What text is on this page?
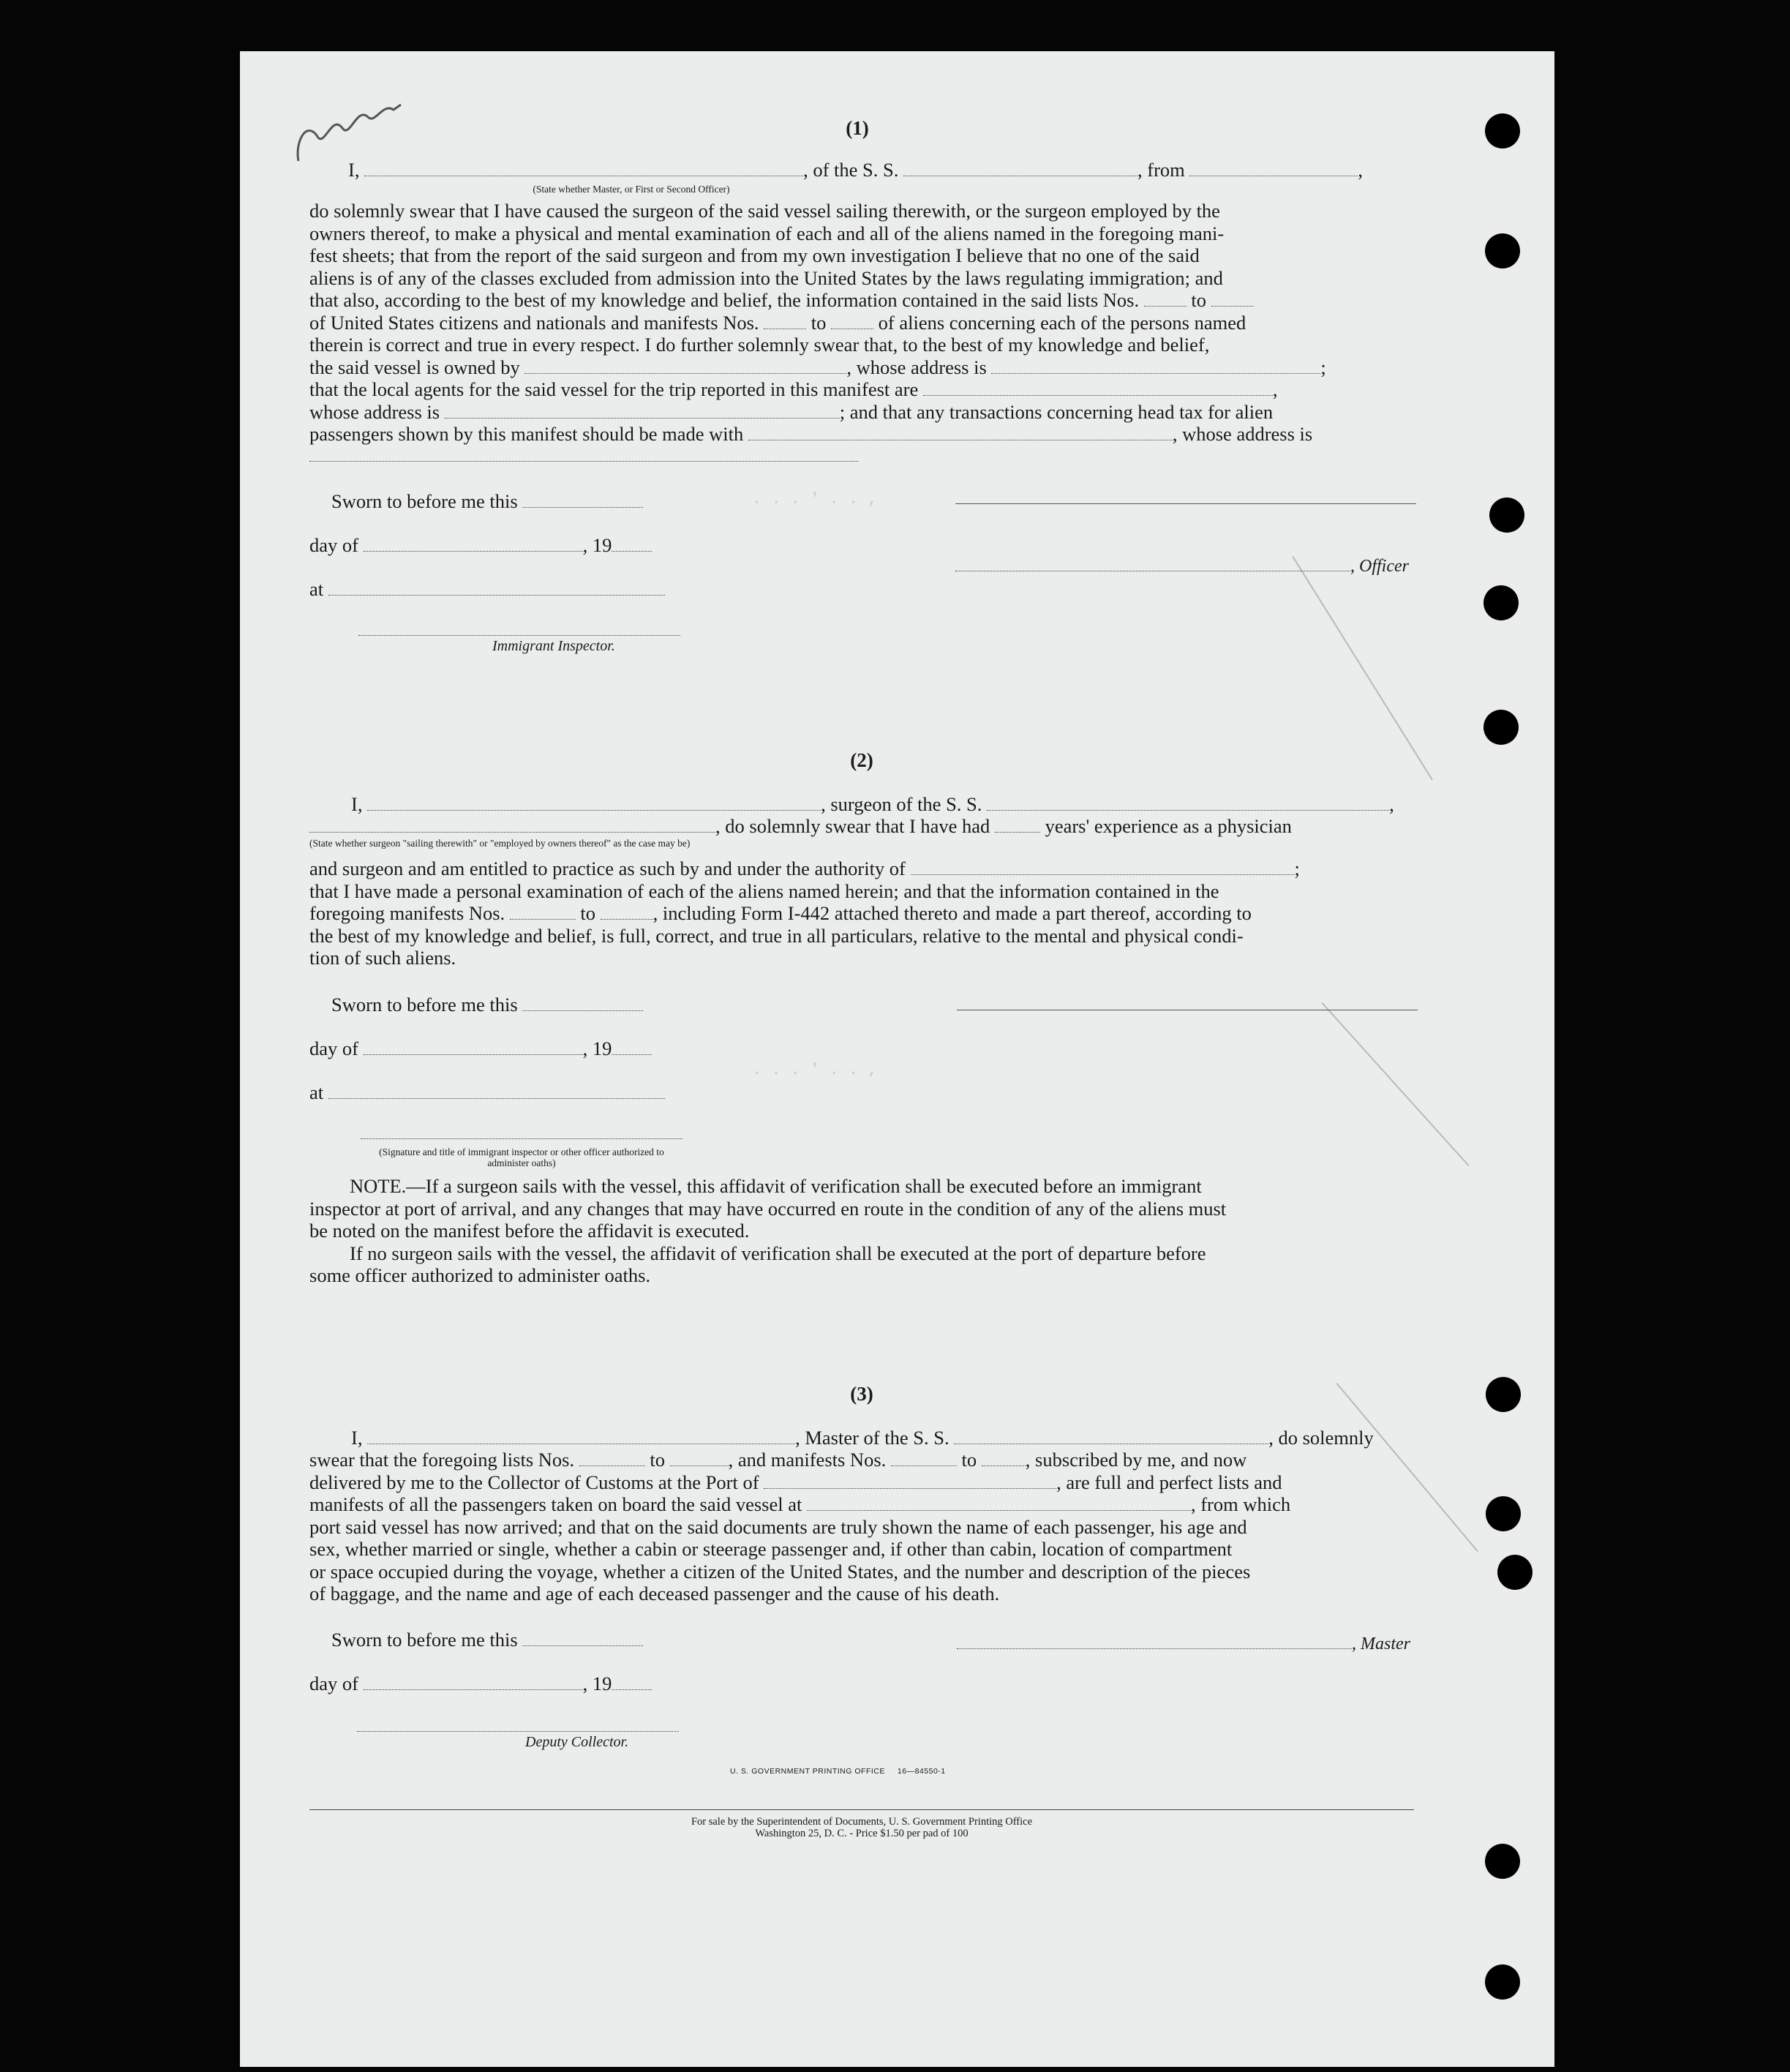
. . . ' . . ,
. . . ' . . ,
(1)
I,	, of the S. S.	, from	,
(State whether Master, or First or Second Officer)
do solemnly swear that I have caused the surgeon of the said vessel sailing therewith, or the surgeon employed by the
owners thereof, to make a physical and mental examination of each and all of the aliens named in the foregoing mani-
fest sheets; that from the report of the said surgeon and from my own investigation I believe that no one of the said
aliens is of any of the classes excluded from admission into the United States by the laws regulating immigration; and
that also, according to the best of my knowledge and belief, the information contained in the said lists Nos.	to
of United States citizens and nationals and manifests Nos.	to	of aliens concerning each of the persons named
therein is correct and true in every respect. I do further solemnly swear that, to the best of my knowledge and belief,
the said vessel is owned by	, whose address is	;
that the local agents for the said vessel for the trip reported in this manifest are	,
whose address is	; and that any transactions concerning head tax for alien
passengers shown by this manifest should be made with	, whose address is
Sworn to before me this
day of	, 19
at
Immigrant Inspector.
, Officer
(2)
I,	, surgeon of the S. S.	,
, do solemnly swear that I have had	years' experience as a physician
(State whether surgeon "sailing therewith" or "employed by owners thereof" as the case may be)
and surgeon and am entitled to practice as such by and under the authority of	;
that I have made a personal examination of each of the aliens named herein; and that the information contained in the
foregoing manifests Nos.	to	, including Form I-442 attached thereto and made a part thereof, according to
the best of my knowledge and belief, is full, correct, and true in all particulars, relative to the mental and physical condi-
tion of such aliens.
Sworn to before me this
day of	, 19
at
(Signature and title of immigrant inspector or other officer authorized to administer oaths)
NOTE.—If a surgeon sails with the vessel, this affidavit of verification shall be executed before an immigrant
inspector at port of arrival, and any changes that may have occurred en route in the condition of any of the aliens must
be noted on the manifest before the affidavit is executed.
If no surgeon sails with the vessel, the affidavit of verification shall be executed at the port of departure before
some officer authorized to administer oaths.
(3)
I,	, Master of the S. S.	, do solemnly
swear that the foregoing lists Nos.	to	, and manifests Nos.	to	, subscribed by me, and now
delivered by me to the Collector of Customs at the Port of	, are full and perfect lists and
manifests of all the passengers taken on board the said vessel at	, from which
port said vessel has now arrived; and that on the said documents are truly shown the name of each passenger, his age and
sex, whether married or single, whether a cabin or steerage passenger and, if other than cabin, location of compartment
or space occupied during the voyage, whether a citizen of the United States, and the number and description of the pieces
of baggage, and the name and age of each deceased passenger and the cause of his death.
Sworn to before me this
day of	, 19
Deputy Collector.
, Master
U. S. GOVERNMENT PRINTING OFFICE     16—84550-1
For sale by the Superintendent of Documents, U. S. Government Printing Office
Washington 25, D. C. - Price $1.50 per pad of 100
